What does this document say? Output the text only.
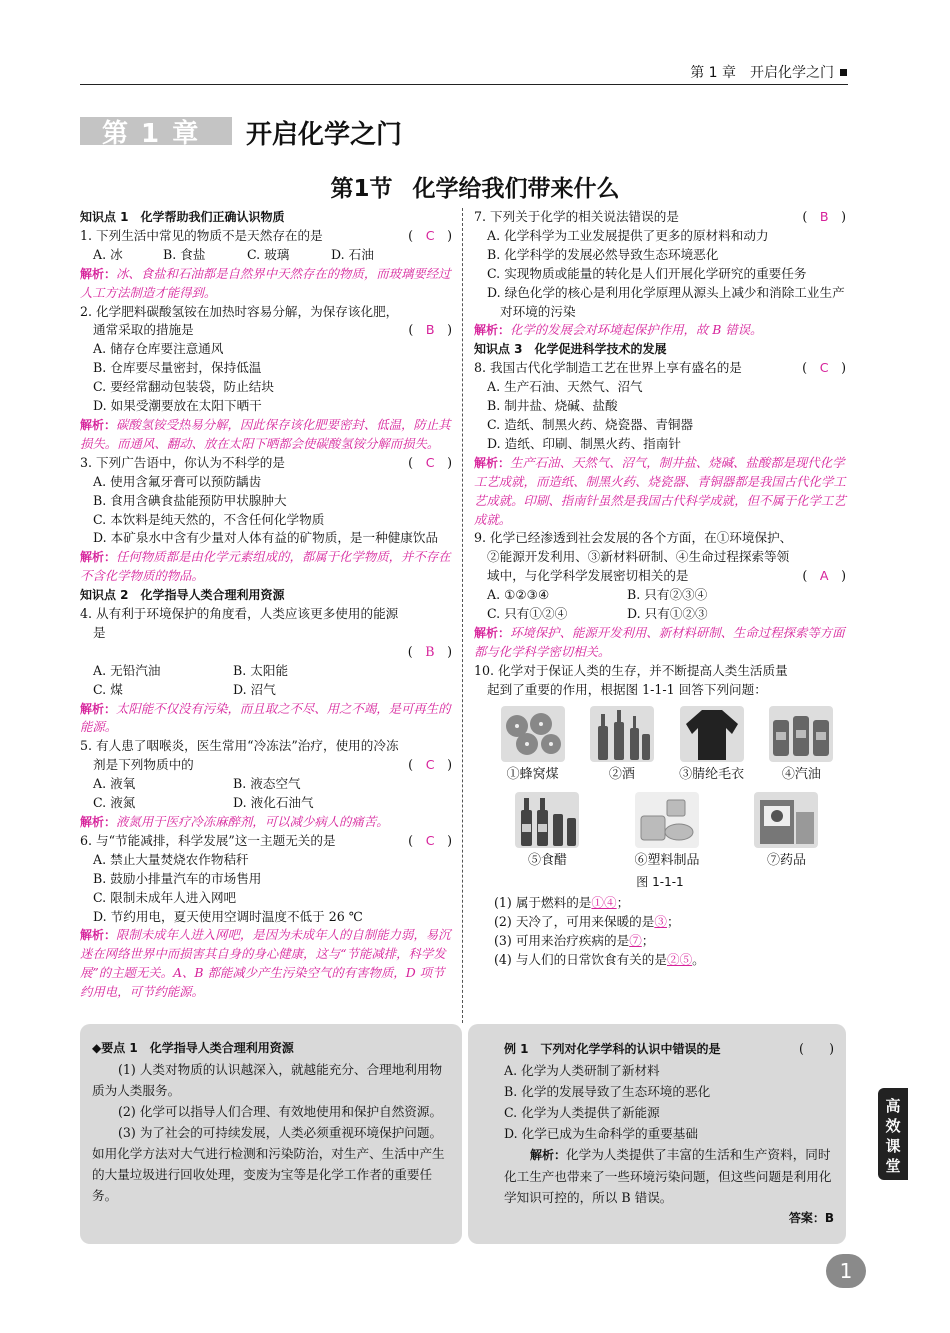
第 1 章　开启化学之门
第 1 章 开启化学之门
第1节 化学给我们带来什么
知识点 1　化学帮助我们正确认识物质
1. 下列生活中常见的物质不是天然存在的是	(　C　)
A. 冰	B. 食盐	C. 玻璃	D. 石油
解析：冰、食盐和石油都是自然界中天然存在的物质，而玻璃要经过人工方法制造才能得到。
2. 化学肥料碳酸氢铵在加热时容易分解，为保存该化肥，通常采取的措施是	(　B　)
A. 储存仓库要注意通风
B. 仓库要尽量密封，保持低温
C. 要经常翻动包装袋，防止结块
D. 如果受潮要放在太阳下晒干
解析：碳酸氢铵受热易分解，因此保存该化肥要密封、低温，防止其损失。而通风、翻动、放在太阳下晒都会使碳酸氢铵分解而损失。
3. 下列广告语中，你认为不科学的是	(　C　)
A. 使用含氟牙膏可以预防龋齿
B. 食用含碘食盐能预防甲状腺肿大
C. 本饮料是纯天然的，不含任何化学物质
D. 本矿泉水中含有少量对人体有益的矿物质，是一种健康饮品
解析：任何物质都是由化学元素组成的，都属于化学物质，并不存在不含化学物质的物品。
知识点 2　化学指导人类合理利用资源
4. 从有利于环境保护的角度看，人类应该更多使用的能源是
(　B　)
A. 无铅汽油	B. 太阳能
C. 煤	D. 沼气
解析：太阳能不仅没有污染，而且取之不尽、用之不竭，是可再生的能源。
5. 有人患了咽喉炎，医生常用“冷冻法”治疗，使用的冷冻剂是下列物质中的	(　C　)
A. 液氧	B. 液态空气
C. 液氮	D. 液化石油气
解析：液氮用于医疗冷冻麻醉剂，可以减少病人的痛苦。
6. 与“节能减排，科学发展”这一主题无关的是	(　C　)
A. 禁止大量焚烧农作物秸秆
B. 鼓励小排量汽车的市场售用
C. 限制未成年人进入网吧
D. 节约用电，夏天使用空调时温度不低于 26 ℃
解析：限制未成年人进入网吧，是因为未成年人的自制能力弱，易沉迷在网络世界中而损害其自身的身心健康，这与“节能减排，科学发展”的主题无关。A、B 都能减少产生污染空气的有害物质，D 项节约用电，可节约能源。
7. 下列关于化学的相关说法错误的是	(　B　)
A. 化学科学为工业发展提供了更多的原材料和动力
B. 化学科学的发展必然导致生态环境恶化
C. 实现物质或能量的转化是人们开展化学研究的重要任务
D. 绿色化学的核心是利用化学原理从源头上减少和消除工业生产对环境的污染
解析：化学的发展会对环境起保护作用，故 B 错误。
知识点 3　化学促进科学技术的发展
8. 我国古代化学制造工艺在世界上享有盛名的是	(　C　)
A. 生产石油、天然气、沼气
B. 制井盐、烧碱、盐酸
C. 造纸、制黑火药、烧瓷器、青铜器
D. 造纸、印刷、制黑火药、指南针
解析：生产石油、天然气、沼气，制井盐、烧碱、盐酸都是现代化学工艺成就，而造纸、制黑火药、烧瓷器、青铜器都是我国古代化学工艺成就。印刷、指南针虽然是我国古代科学成就，但不属于化学工艺成就。
9. 化学已经渗透到社会发展的各个方面，在①环境保护、②能源开发利用、③新材料研制、④生命过程探索等领域中，与化学科学发展密切相关的是	(　A　)
A. ①②③④	B. 只有②③④
C. 只有①②④	D. 只有①②③
解析：环境保护、能源开发利用、新材料研制、生命过程探索等方面都与化学科学密切相关。
10. 化学对于保证人类的生存，并不断提高人类生活质量起到了重要的作用，根据图 1-1-1 回答下列问题：
①蜂窝煤	②酒	③腈纶毛衣	④汽油
⑤食醋	⑥塑料制品	⑦药品
图 1-1-1
(1) 属于燃料的是①④；
(2) 天冷了，可用来保暖的是③；
(3) 可用来治疗疾病的是⑦；
(4) 与人们的日常饮食有关的是②⑤。
◆要点 1　化学指导人类合理利用资源
(1) 人类对物质的认识越深入，就越能充分、合理地利用物质为人类服务。
(2) 化学可以指导人们合理、有效地使用和保护自然资源。
(3) 为了社会的可持续发展，人类必须重视环境保护问题。如用化学方法对大气进行检测和污染防治，对生产、生活中产生的大量垃圾进行回收处理，变废为宝等是化学工作者的重要任务。
例 1　下列对化学学科的认识中错误的是	(　　)
A. 化学为人类研制了新材料
B. 化学的发展导致了生态环境的恶化
C. 化学为人类提供了新能源
D. 化学已成为生命科学的重要基础
解析：化学为人类提供了丰富的生活和生产资料，同时化工生产也带来了一些环境污染问题，但这些问题是利用化学知识可控的，所以 B 错误。
答案：B
高效课堂
1
